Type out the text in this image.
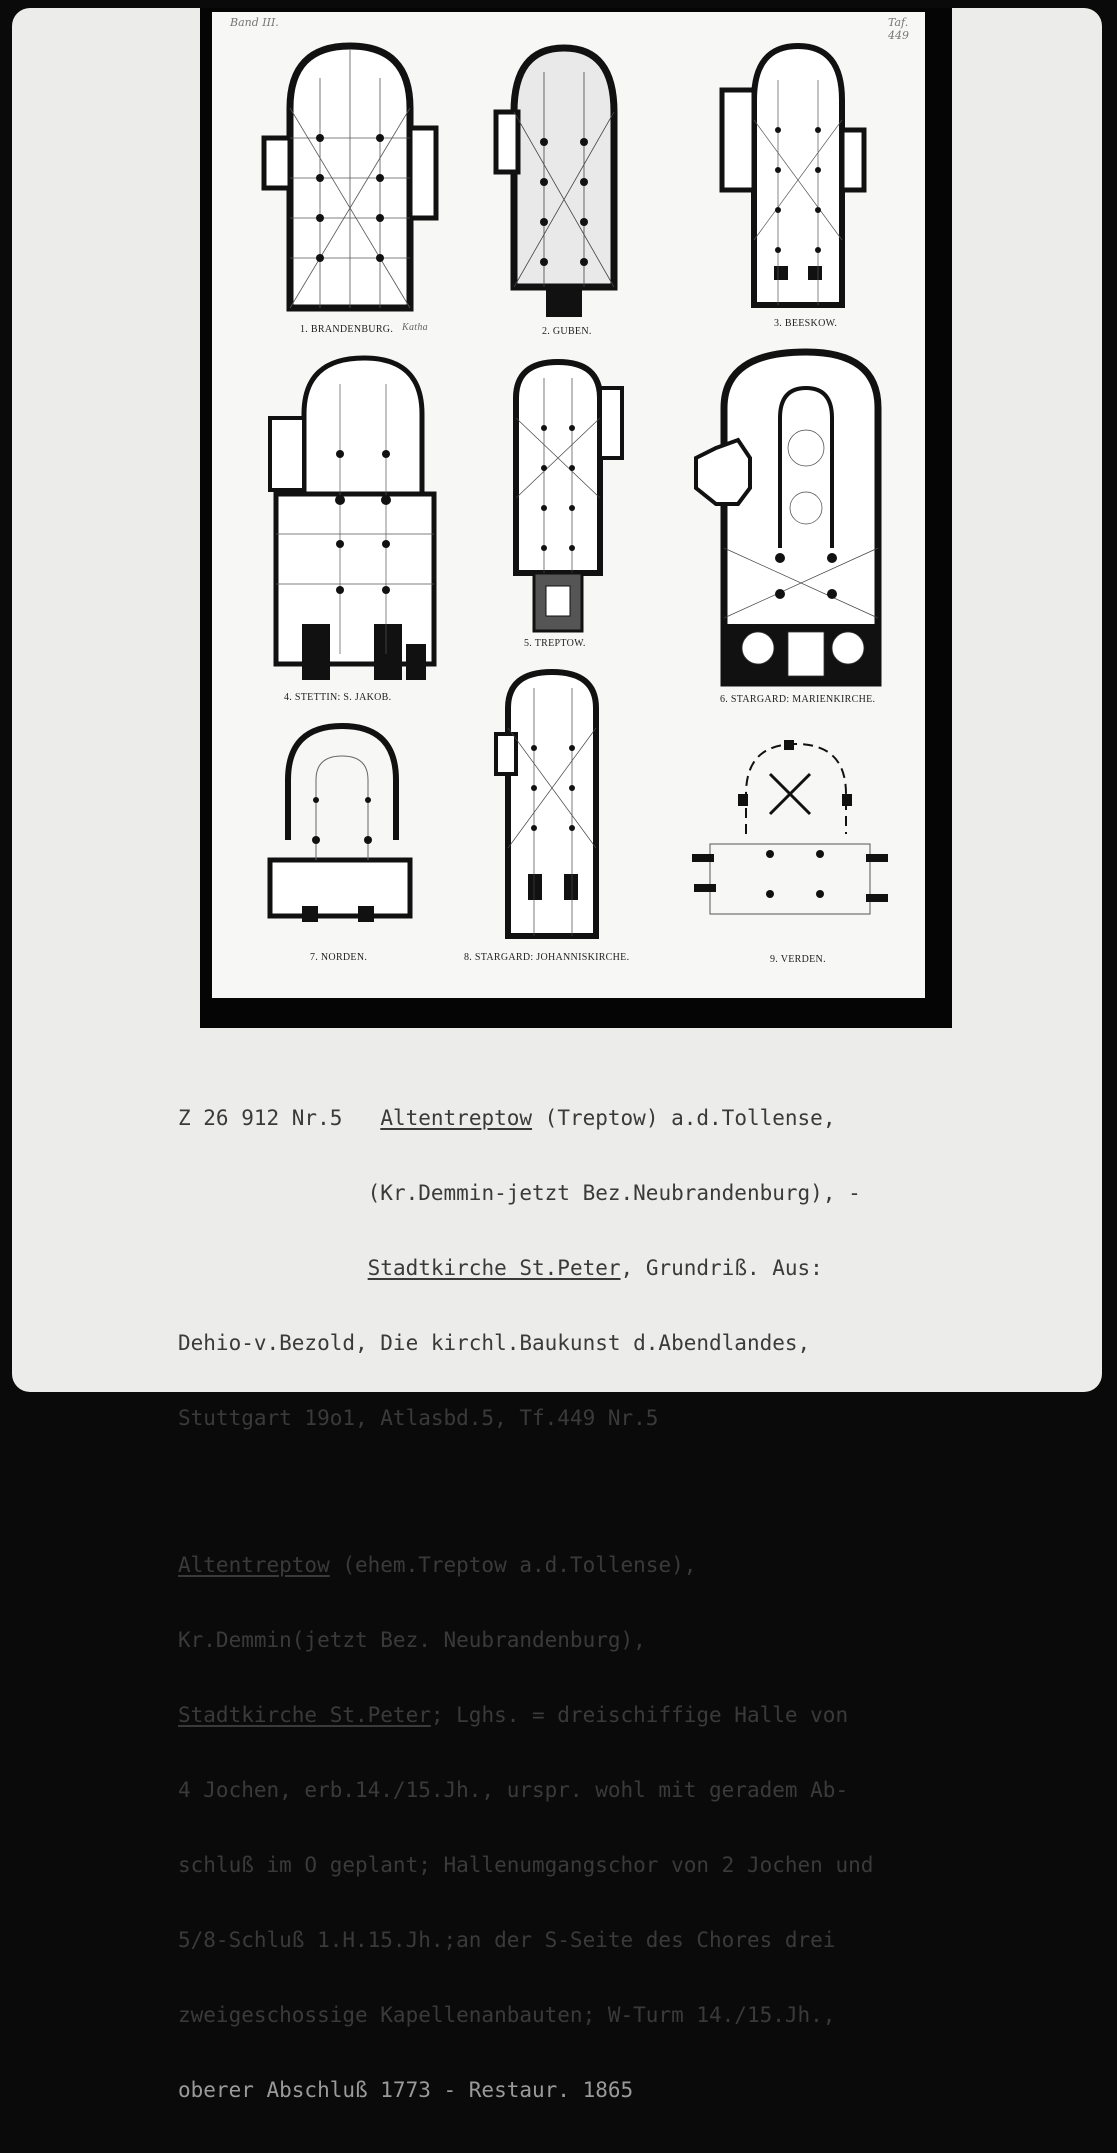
Band III.	Taf. 449
1. BRANDENBURG. Katha	2. GUBEN.
3. BEESKOW.
4. STETTIN: S. JAKOB.
5. TREPTOW.
6. STARGARD: MARIENKIRCHE.
7. NORDEN.	8. STARGARD: JOHANNISKIRCHE.	9. VERDEN.

Z 26 912 Nr.5 Altentreptow (Treptow) a.d.Tollense,

(Kr.Demmin-jetzt Bez.Neubrandenburg), -

Stadtkirche St.Peter, Grundriß. Aus:

Dehio-v.Bezold, Die kirchl.Baukunst d.Abendlandes,

Stuttgart 19o1, Atlasbd.5, Tf.449 Nr.5

Altentreptow (ehem.Treptow a.d.Tollense),

Kr.Demmin(jetzt Bez. Neubrandenburg),

Stadtkirche St.Peter; Lghs. = dreischiffige Halle von

4 Jochen, erb.14./15.Jh., urspr. wohl mit geradem Ab-

schluß im O geplant; Hallenumgangschor von 2 Jochen und

5/8-Schluß 1.H.15.Jh.;an der S-Seite des Chores drei

zweigeschossige Kapellenanbauten; W-Turm 14./15.Jh.,

oberer Abschluß 1773 - Restaur. 1865
